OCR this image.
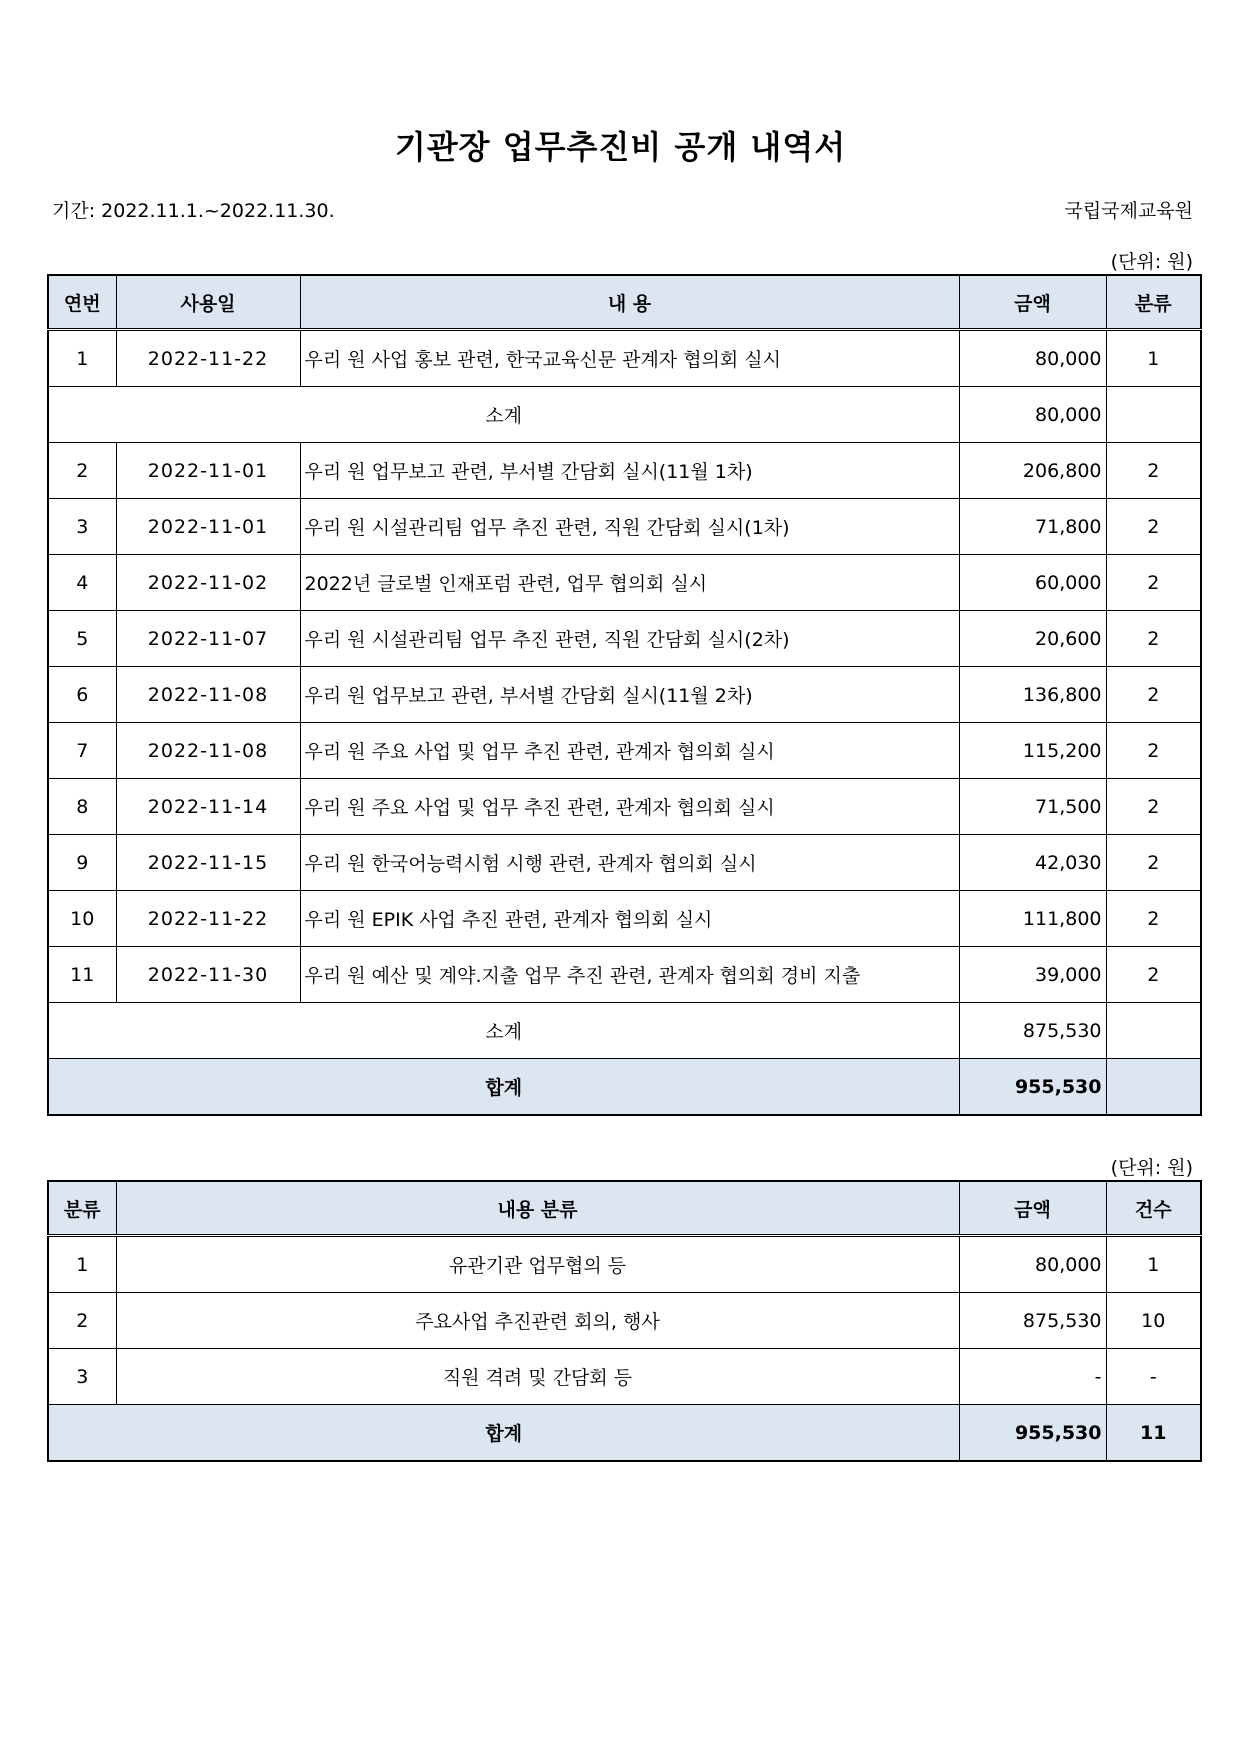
기관장 업무추진비 공개 내역서
기간: 2022.11.1.~2022.11.30.	국립국제교육원
(단위: 원)
연번	사용일	내 용	금액	분류
1	2022-11-22	우리 원 사업 홍보 관련, 한국교육신문 관계자 협의회 실시	80,000	1
소계			80,000	
2	2022-11-01	우리 원 업무보고 관련, 부서별 간담회 실시(11월 1차)	206,800	2
3	2022-11-01	우리 원 시설관리팀 업무 추진 관련, 직원 간담회 실시(1차)	71,800	2
4	2022-11-02	2022년 글로벌 인재포럼 관련, 업무 협의회 실시	60,000	2
5	2022-11-07	우리 원 시설관리팀 업무 추진 관련, 직원 간담회 실시(2차)	20,600	2
6	2022-11-08	우리 원 업무보고 관련, 부서별 간담회 실시(11월 2차)	136,800	2
7	2022-11-08	우리 원 주요 사업 및 업무 추진 관련, 관계자 협의회 실시	115,200	2
8	2022-11-14	우리 원 주요 사업 및 업무 추진 관련, 관계자 협의회 실시	71,500	2
9	2022-11-15	우리 원 한국어능력시험 시행 관련, 관계자 협의회 실시	42,030	2
10	2022-11-22	우리 원 EPIK 사업 추진 관련, 관계자 협의회 실시	111,800	2
11	2022-11-30	우리 원 예산 및 계약.지출 업무 추진 관련, 관계자 협의회 경비 지출	39,000	2
소계			875,530	
합계			955,530	
(단위: 원)
분류	내용 분류	금액	건수
1	유관기관 업무협의 등	80,000	1
2	주요사업 추진관련 회의, 행사	875,530	10
3	직원 격려 및 간담회 등	-	-
합계		955,530	11
